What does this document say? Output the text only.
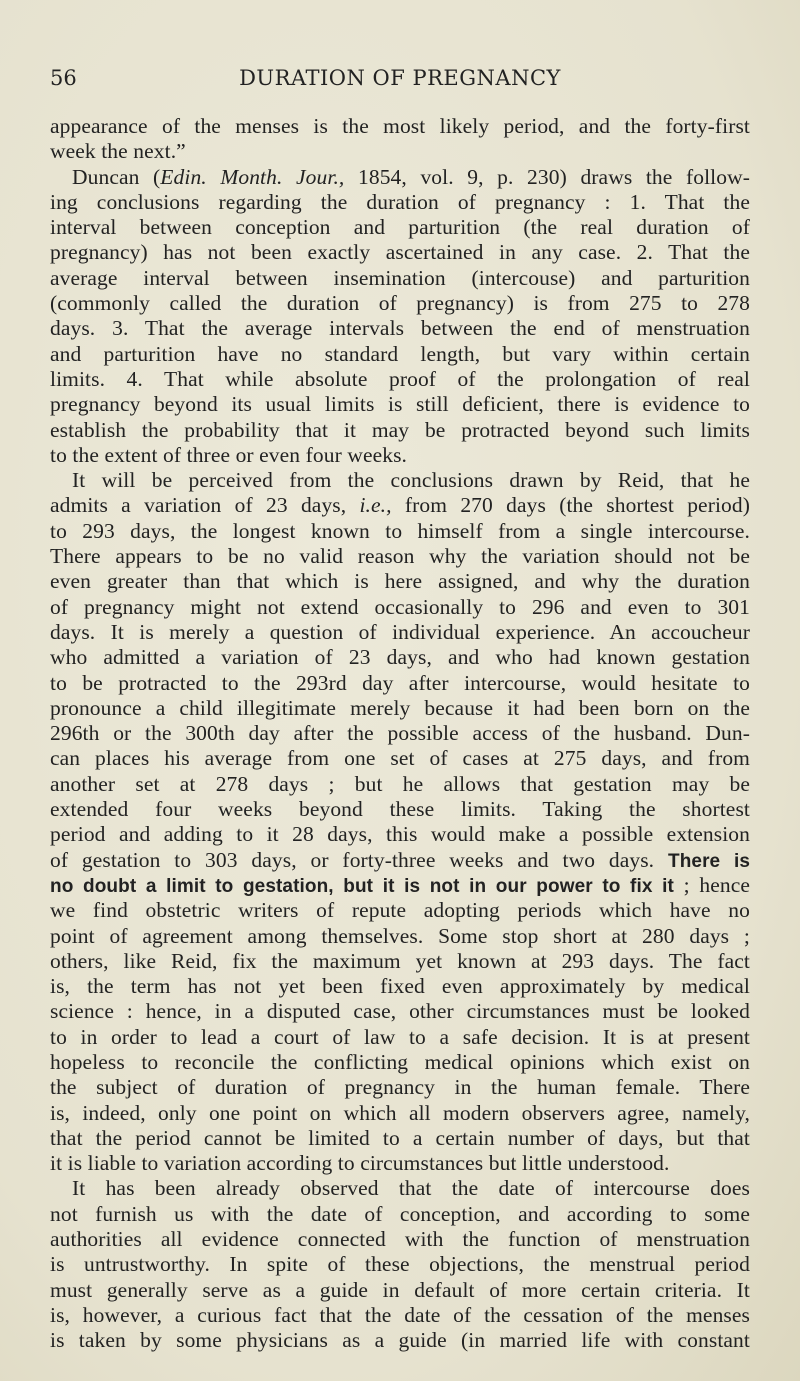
56	DURATION OF PREGNANCY
appearance of the menses is the most likely period, and the forty-first
week the next.”
Duncan (Edin. Month. Jour., 1854, vol. 9, p. 230) draws the follow-
ing conclusions regarding the duration of pregnancy : 1. That the
interval between conception and parturition (the real duration of
pregnancy) has not been exactly ascertained in any case. 2. That the
average interval between insemination (intercouse) and parturition
(commonly called the duration of pregnancy) is from 275 to 278
days. 3. That the average intervals between the end of menstruation
and parturition have no standard length, but vary within certain
limits. 4. That while absolute proof of the prolongation of real
pregnancy beyond its usual limits is still deficient, there is evidence to
establish the probability that it may be protracted beyond such limits
to the extent of three or even four weeks.
It will be perceived from the conclusions drawn by Reid, that he
admits a variation of 23 days, i.e., from 270 days (the shortest period)
to 293 days, the longest known to himself from a single intercourse.
There appears to be no valid reason why the variation should not be
even greater than that which is here assigned, and why the duration
of pregnancy might not extend occasionally to 296 and even to 301
days. It is merely a question of individual experience. An accoucheur
who admitted a variation of 23 days, and who had known gestation
to be protracted to the 293rd day after intercourse, would hesitate to
pronounce a child illegitimate merely because it had been born on the
296th or the 300th day after the possible access of the husband. Dun-
can places his average from one set of cases at 275 days, and from
another set at 278 days ; but he allows that gestation may be
extended four weeks beyond these limits. Taking the shortest
period and adding to it 28 days, this would make a possible extension
of gestation to 303 days, or forty-three weeks and two days. There is
no doubt a limit to gestation, but it is not in our power to fix it ; hence
we find obstetric writers of repute adopting periods which have no
point of agreement among themselves. Some stop short at 280 days ;
others, like Reid, fix the maximum yet known at 293 days. The fact
is, the term has not yet been fixed even approximately by medical
science : hence, in a disputed case, other circumstances must be looked
to in order to lead a court of law to a safe decision. It is at present
hopeless to reconcile the conflicting medical opinions which exist on
the subject of duration of pregnancy in the human female. There
is, indeed, only one point on which all modern observers agree, namely,
that the period cannot be limited to a certain number of days, but that
it is liable to variation according to circumstances but little understood.
It has been already observed that the date of intercourse does
not furnish us with the date of conception, and according to some
authorities all evidence connected with the function of menstruation
is untrustworthy. In spite of these objections, the menstrual period
must generally serve as a guide in default of more certain criteria. It
is, however, a curious fact that the date of the cessation of the menses
is taken by some physicians as a guide (in married life with constant
